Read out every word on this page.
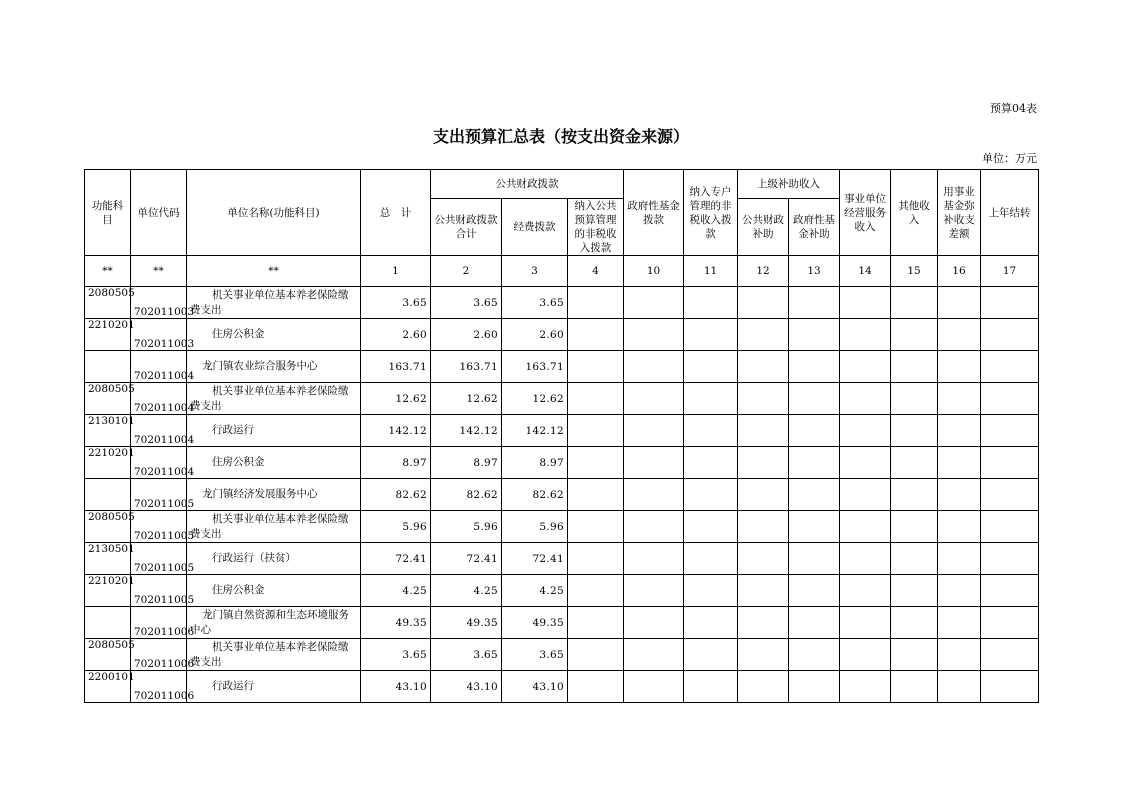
预算04表
支出预算汇总表（按支出资金来源）
单位：万元
功能科目	单位代码	单位名称(功能科目)	总　计	公共财政拨款			政府性基金拨款	纳入专户管理的非税收入拨款	上级补助收入		事业单位经营服务收入	其他收入	用事业基金弥补收支差额	上年结转
				公共财政拨款合计	经费拨款	纳入公共预算管理的非税收入拨款								
									公共财政补助	政府性基金补助				
**	**	**	1	2	3	4	10	11	12	13	14	15	16	17
2080505	702011003	机关事业单位基本养老保险缴费支出	3.65	3.65	3.65									
2210201	702011003	住房公积金	2.60	2.60	2.60									
	702011004	龙门镇农业综合服务中心	163.71	163.71	163.71									
2080505	702011004	机关事业单位基本养老保险缴费支出	12.62	12.62	12.62									
2130101	702011004	行政运行	142.12	142.12	142.12									
2210201	702011004	住房公积金	8.97	8.97	8.97									
	702011005	龙门镇经济发展服务中心	82.62	82.62	82.62									
2080505	702011005	机关事业单位基本养老保险缴费支出	5.96	5.96	5.96									
2130501	702011005	行政运行（扶贫）	72.41	72.41	72.41									
2210201	702011005	住房公积金	4.25	4.25	4.25									
	702011006	龙门镇自然资源和生态环境服务中心	49.35	49.35	49.35									
2080505	702011006	机关事业单位基本养老保险缴费支出	3.65	3.65	3.65									
2200101	702011006	行政运行	43.10	43.10	43.10									
